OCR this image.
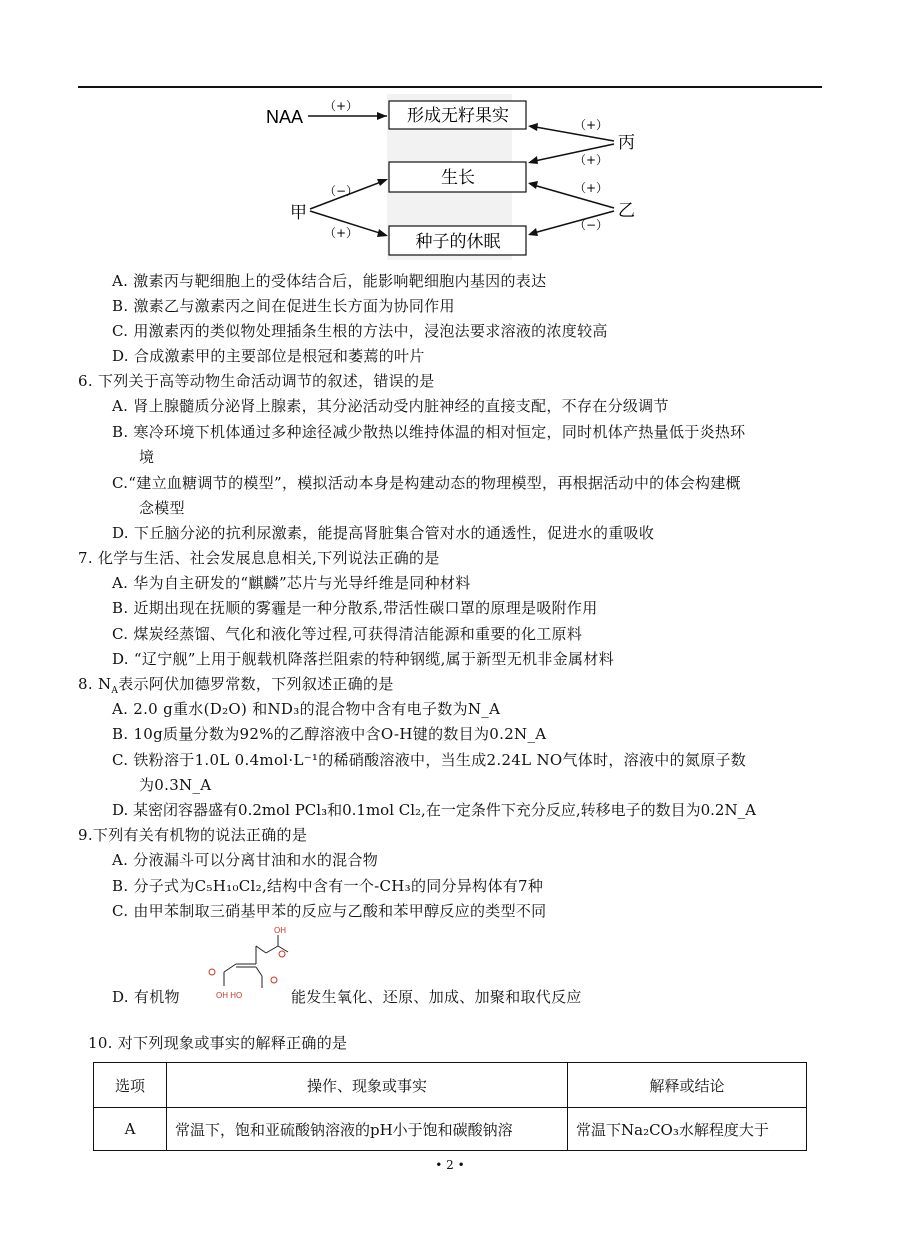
NAA
（+）	形成无籽果实
生长
种子的休眠
甲
（−）
（+）
丙
（+）
（+）
乙
（+）
（−）
A. 激素丙与靶细胞上的受体结合后，能影响靶细胞内基因的表达
B. 激素乙与激素丙之间在促进生长方面为协同作用
C. 用激素丙的类似物处理插条生根的方法中，浸泡法要求溶液的浓度较高
D. 合成激素甲的主要部位是根冠和萎蔫的叶片
6. 下列关于高等动物生命活动调节的叙述，错误的是
A. 肾上腺髓质分泌肾上腺素，其分泌活动受内脏神经的直接支配，不存在分级调节
B. 寒冷环境下机体通过多种途径减少散热以维持体温的相对恒定，同时机体产热量低于炎热环
境
C.“建立血糖调节的模型”，模拟活动本身是构建动态的物理模型，再根据活动中的体会构建概
念模型
D. 下丘脑分泌的抗利尿激素，能提高肾脏集合管对水的通透性，促进水的重吸收
7. 化学与生活、社会发展息息相关,下列说法正确的是
A. 华为自主研发的“麒麟”芯片与光导纤维是同种材料
B. 近期出现在抚顺的雾霾是一种分散系,带活性碳口罩的原理是吸附作用
C. 煤炭经蒸馏、气化和液化等过程,可获得清洁能源和重要的化工原料
D. “辽宁舰”上用于舰载机降落拦阻索的特种钢缆,属于新型无机非金属材料
8. $N_A$表示阿伏加德罗常数，下列叙述正确的是
A. 2.0 g重水(D₂O) 和ND₃的混合物中含有电子数为N_A
B. 10g质量分数为92%的乙醇溶液中含O-H键的数目为0.2N_A
C. 铁粉溶于1.0L 0.4mol·L⁻¹的稀硝酸溶液中，当生成2.24L NO气体时，溶液中的氮原子数
为0.3N_A
D. 某密闭容器盛有0.2mol PCl₃和0.1mol Cl₂,在一定条件下充分反应,转移电子的数目为0.2N_A
9.下列有关有机物的说法正确的是
A. 分液漏斗可以分离甘油和水的混合物
B. 分子式为C₅H₁₀Cl₂,结构中含有一个-CH₃的同分异构体有7种
C. 由甲苯制取三硝基甲苯的反应与乙酸和苯甲醇反应的类型不同
D. 有机物
OH
OH HO	能发生氧化、还原、加成、加聚和取代反应
10. 对下列现象或事实的解释正确的是
选项	操作、现象或事实	解释或结论
A	常温下，饱和亚硫酸钠溶液的pH小于饱和碳酸钠溶	常温下Na₂CO₃水解程度大于
• 2 •
